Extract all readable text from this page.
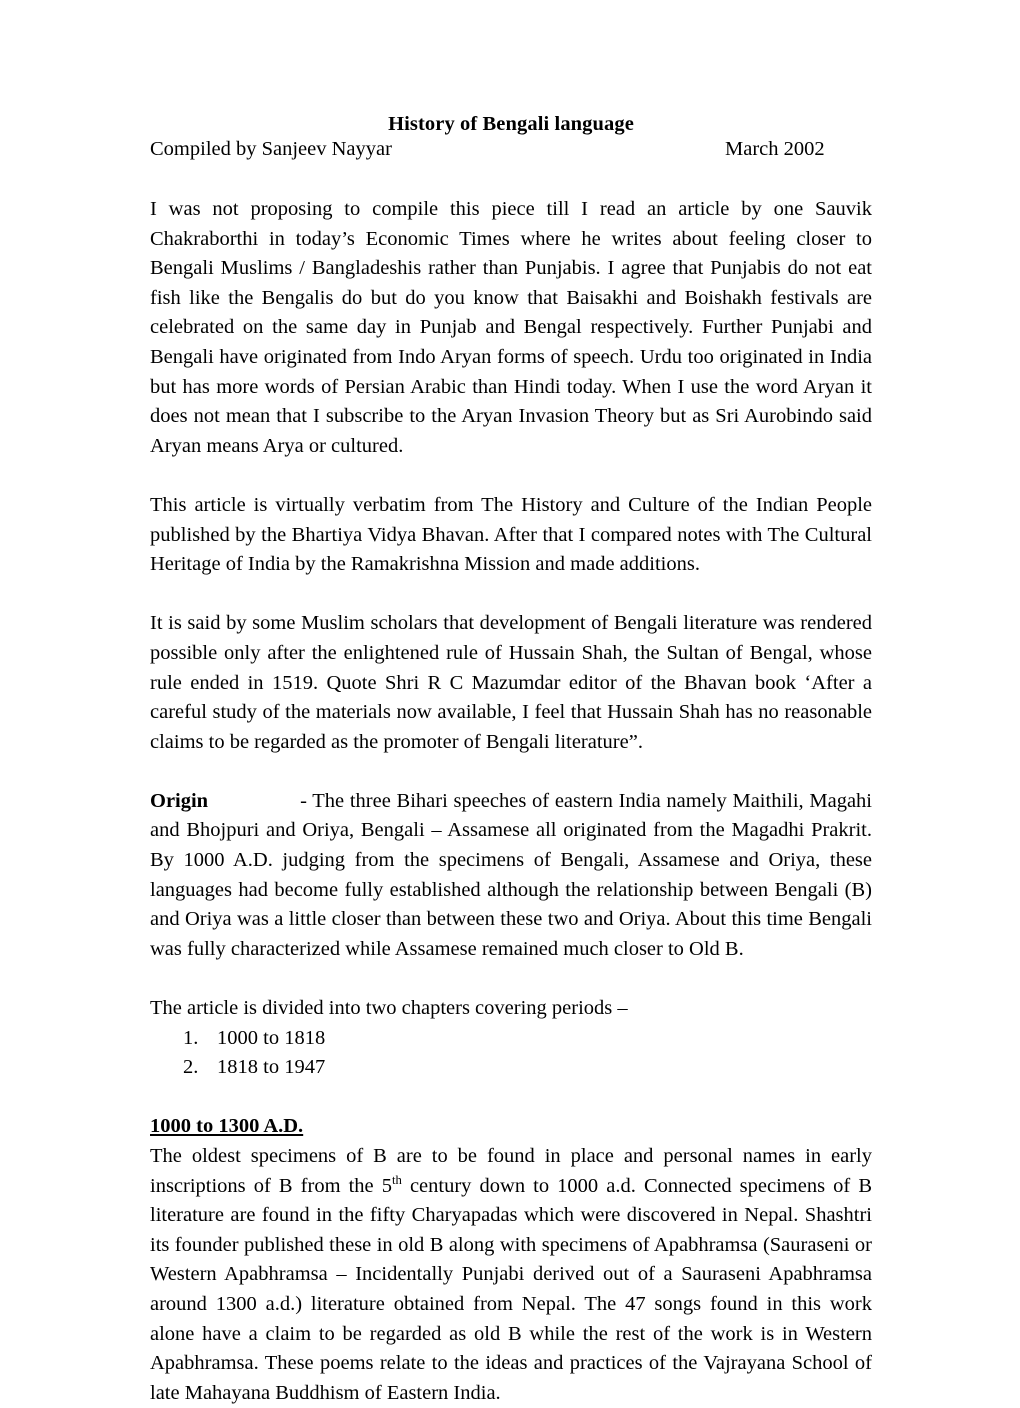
History of Bengali language
Compiled by Sanjeev Nayyar	March 2002

I was not proposing to compile this piece till I read an article by one Sauvik Chakraborthi in today’s Economic Times where he writes about feeling closer to Bengali Muslims / Bangladeshis rather than Punjabis. I agree that Punjabis do not eat fish like the Bengalis do but do you know that Baisakhi and Boishakh festivals are celebrated on the same day in Punjab and Bengal respectively. Further Punjabi and Bengali have originated from Indo Aryan forms of speech. Urdu too originated in India but has more words of Persian Arabic than Hindi today. When I use the word Aryan it does not mean that I subscribe to the Aryan Invasion Theory but as Sri Aurobindo said Aryan means Arya or cultured.

This article is virtually verbatim from The History and Culture of the Indian People published by the Bhartiya Vidya Bhavan. After that I compared notes with The Cultural Heritage of India by the Ramakrishna Mission and made additions.

It is said by some Muslim scholars that development of Bengali literature was rendered possible only after the enlightened rule of Hussain Shah, the Sultan of Bengal, whose rule ended in 1519. Quote Shri R C Mazumdar editor of the Bhavan book ‘After a careful study of the materials now available, I feel that Hussain Shah has no reasonable claims to be regarded as the promoter of Bengali literature”.

Origin	- The three Bihari speeches of eastern India namely Maithili, Magahi and Bhojpuri and Oriya, Bengali – Assamese all originated from the Magadhi Prakrit. By 1000 A.D. judging from the specimens of Bengali, Assamese and Oriya, these languages had become fully established although the relationship between Bengali (B) and Oriya was a little closer than between these two and Oriya. About this time Bengali was fully characterized while Assamese remained much closer to Old B.

The article is divided into two chapters covering periods –

1. 1000 to 1818
2. 1818 to 1947
1000 to 1300 A.D.

The oldest specimens of B are to be found in place and personal names in early inscriptions of B from the 5th century down to 1000 a.d. Connected specimens of B literature are found in the fifty Charyapadas which were discovered in Nepal. Shashtri its founder published these in old B along with specimens of Apabhramsa (Sauraseni or Western Apabhramsa – Incidentally Punjabi derived out of a Sauraseni Apabhramsa around 1300 a.d.) literature obtained from Nepal. The 47 songs found in this work alone have a claim to be regarded as old B while the rest of the work is in Western Apabhramsa. These poems relate to the ideas and practices of the Vajrayana School of late Mahayana Buddhism of Eastern India.
